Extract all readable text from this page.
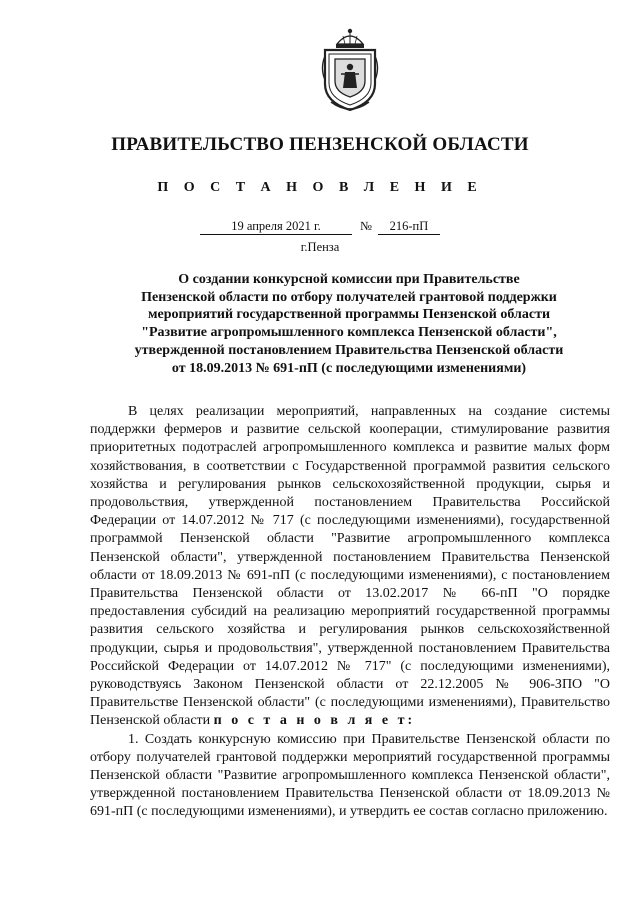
ПРАВИТЕЛЬСТВО ПЕНЗЕНСКОЙ ОБЛАСТИ
П О С Т А Н О В Л Е Н И Е
19 апреля 2021 г.	№ 216-пП
г.Пенза
О создании конкурсной комиссии при Правительстве
Пензенской области по отбору получателей грантовой поддержки
мероприятий государственной программы Пензенской области
"Развитие агропромышленного комплекса Пензенской области",
утвержденной постановлением Правительства Пензенской области
от 18.09.2013 № 691-пП (с последующими изменениями)

В целях реализации мероприятий, направленных на создание системы поддержки фермеров и развитие сельской кооперации, стимулирование развития приоритетных подотраслей агропромышленного комплекса и развитие малых форм хозяйствования, в соответствии с Государственной программой развития сельского хозяйства и регулирования рынков сельскохозяйственной продукции, сырья и продовольствия, утвержденной постановлением Правительства Российской Федерации от 14.07.2012 № 717 (с последующими изменениями), государственной программой Пензенской области "Развитие агропромышленного комплекса Пензенской области", утвержденной постановлением Правительства Пензенской области от 18.09.2013 № 691-пП (с последующими изменениями), с постановлением Правительства Пензенской области от 13.02.2017 № 66-пП "О порядке предоставления субсидий на реализацию мероприятий государственной программы развития сельского хозяйства и регулирования рынков сельскохозяйственной продукции, сырья и продовольствия", утвержденной постановлением Правительства Российской Федерации от 14.07.2012 № 717" (с последующими изменениями), руководствуясь Законом Пензенской области от 22.12.2005 № 906-ЗПО "О Правительстве Пензенской области" (с последующими изменениями), Правительство Пензенской области п о с т а н о в л я е т:

1. Создать конкурсную комиссию при Правительстве Пензенской области по отбору получателей грантовой поддержки мероприятий государственной программы Пензенской области "Развитие агропромышленного комплекса Пензенской области", утвержденной постановлением Правительства Пензенской области от 18.09.2013 № 691-пП (с последующими изменениями), и утвердить ее состав согласно приложению.
